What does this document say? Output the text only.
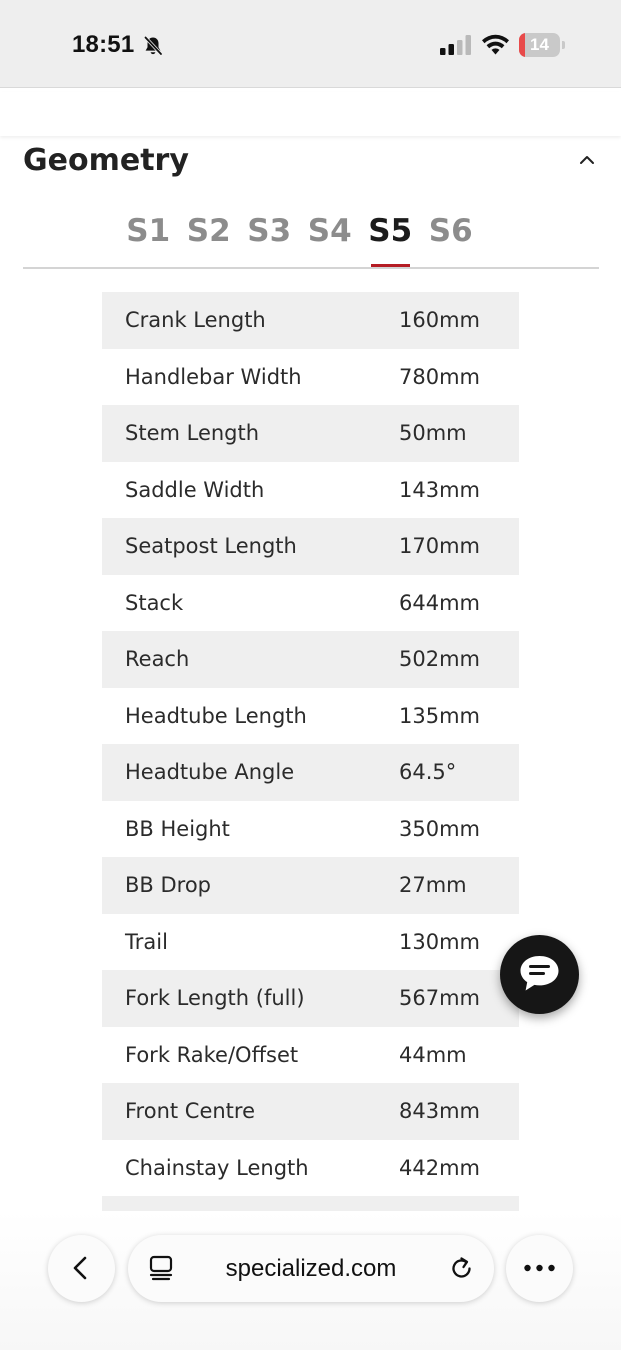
18:51	14
Geometry
S1 S2 S3 S4 S5 S6
Crank Length	160mm
Handlebar Width	780mm
Stem Length	50mm
Saddle Width	143mm
Seatpost Length	170mm
Stack	644mm
Reach	502mm
Headtube Length	135mm
Headtube Angle	64.5°
BB Height	350mm
BB Drop	27mm
Trail	130mm
Fork Length (full)	567mm
Fork Rake/Offset	44mm
Front Centre	843mm
Chainstay Length	442mm
specialized.com
